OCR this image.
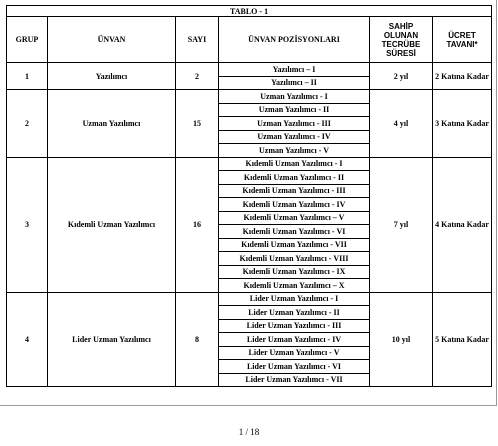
TABLO - 1					
GRUP	ÜNVAN	SAYI	ÜNVAN POZİSYONLARI	SAHİP OLUNAN TECRÜBE SÜRESİ	ÜCRET TAVANI*
1	Yazılımcı	2	Yazılımcı – I	2 yıl	2 Katına Kadar
			Yazılımcı – II		
2	Uzman Yazılımcı	15	Uzman Yazılımcı - I	4 yıl	3 Katına Kadar
			Uzman Yazılımcı - II		
			Uzman Yazılımcı - III		
			Uzman Yazılımcı - IV		
			Uzman Yazılımcı - V		
3	Kıdemli Uzman Yazılımcı	16	Kıdemli Uzman Yazılımcı - I	7 yıl	4 Katına Kadar
			Kıdemli Uzman Yazılımcı - II		
			Kıdemli Uzman Yazılımcı - III		
			Kıdemli Uzman Yazılımcı - IV		
			Kıdemli Uzman Yazılımcı – V		
			Kıdemli Uzman Yazılımcı - VI		
			Kıdemli Uzman Yazılımcı - VII		
			Kıdemli Uzman Yazılımcı - VIII		
			Kıdemli Uzman Yazılımcı - IX		
			Kıdemli Uzman Yazılımcı – X		
4	Lider Uzman Yazılımcı	8	Lider Uzman Yazılımcı - I	10 yıl	5 Katına Kadar
			Lider Uzman Yazılımcı - II		
			Lider Uzman Yazılımcı - III		
			Lider Uzman Yazılımcı - IV		
			Lider Uzman Yazılımcı - V		
			Lider Uzman Yazılımcı - VI		
			Lider Uzman Yazılımcı - VII		
1 / 18
